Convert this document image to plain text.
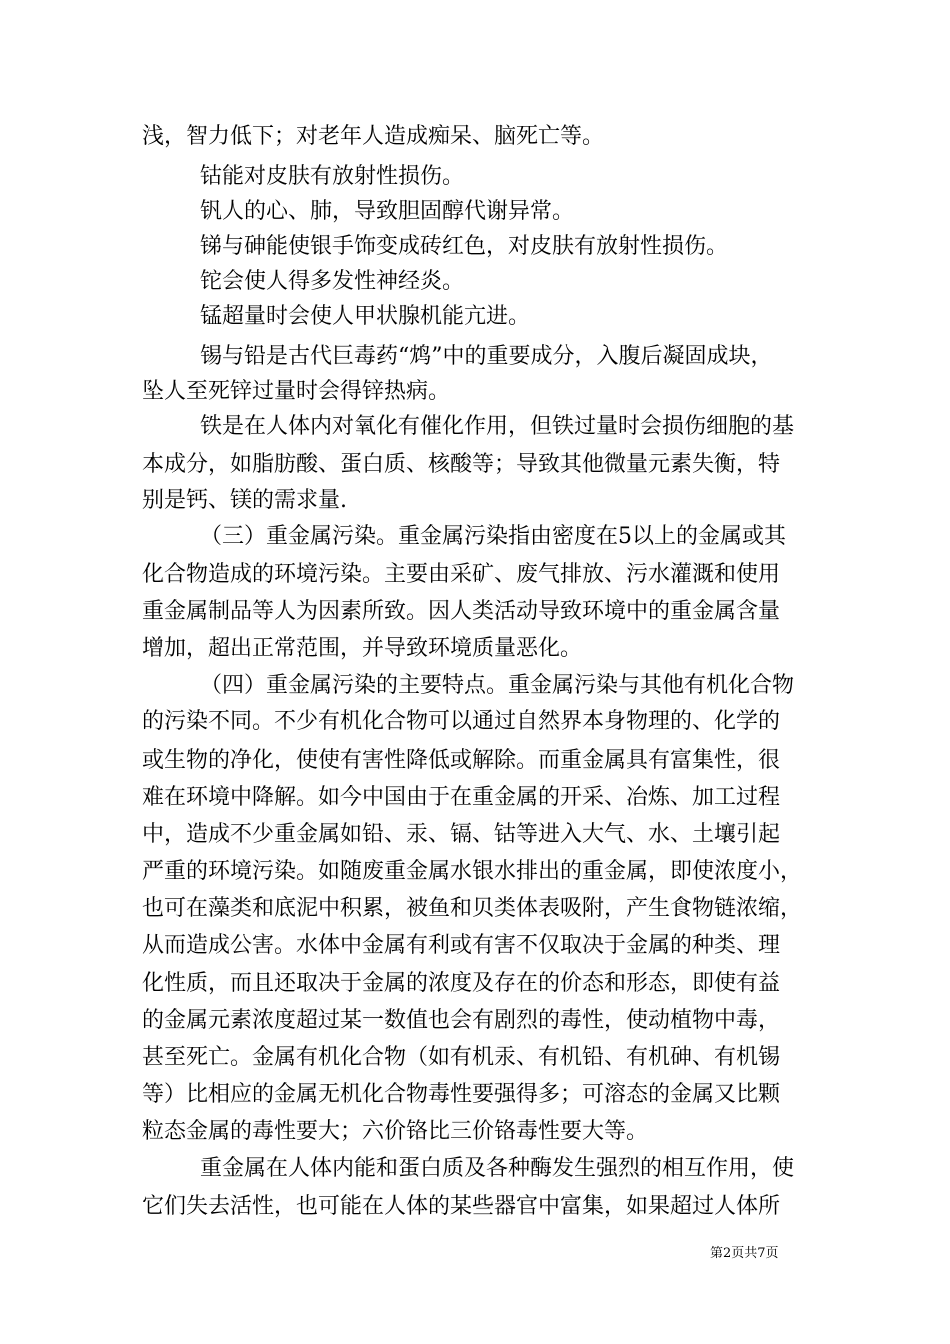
浅，智力低下；对老年人造成痴呆、脑死亡等。
钴能对皮肤有放射性损伤。
钒人的心、肺，导致胆固醇代谢异常。
锑与砷能使银手饰变成砖红色，对皮肤有放射性损伤。
铊会使人得多发性神经炎。
锰超量时会使人甲状腺机能亢进。
锡与铅是古代巨毒药“鸩”中的重要成分，入腹后凝固成块，
坠人至死锌过量时会得锌热病。
铁是在人体内对氧化有催化作用，但铁过量时会损伤细胞的基
本成分，如脂肪酸、蛋白质、核酸等；导致其他微量元素失衡，特
别是钙、镁的需求量.
（三）重金属污染。重金属污染指由密度在5以上的金属或其
化合物造成的环境污染。主要由采矿、废气排放、污水灌溉和使用
重金属制品等人为因素所致。因人类活动导致环境中的重金属含量
增加，超出正常范围，并导致环境质量恶化。
（四）重金属污染的主要特点。重金属污染与其他有机化合物
的污染不同。不少有机化合物可以通过自然界本身物理的、化学的
或生物的净化，使使有害性降低或解除。而重金属具有富集性，很
难在环境中降解。如今中国由于在重金属的开采、冶炼、加工过程
中，造成不少重金属如铅、汞、镉、钴等进入大气、水、土壤引起
严重的环境污染。如随废重金属水银水排出的重金属，即使浓度小，
也可在藻类和底泥中积累，被鱼和贝类体表吸附，产生食物链浓缩，
从而造成公害。水体中金属有利或有害不仅取决于金属的种类、理
化性质，而且还取决于金属的浓度及存在的价态和形态，即使有益
的金属元素浓度超过某一数值也会有剧烈的毒性，使动植物中毒，
甚至死亡。金属有机化合物（如有机汞、有机铅、有机砷、有机锡
等）比相应的金属无机化合物毒性要强得多；可溶态的金属又比颗
粒态金属的毒性要大；六价铬比三价铬毒性要大等。
重金属在人体内能和蛋白质及各种酶发生强烈的相互作用，使
它们失去活性，也可能在人体的某些器官中富集，如果超过人体所
第2页共7页
